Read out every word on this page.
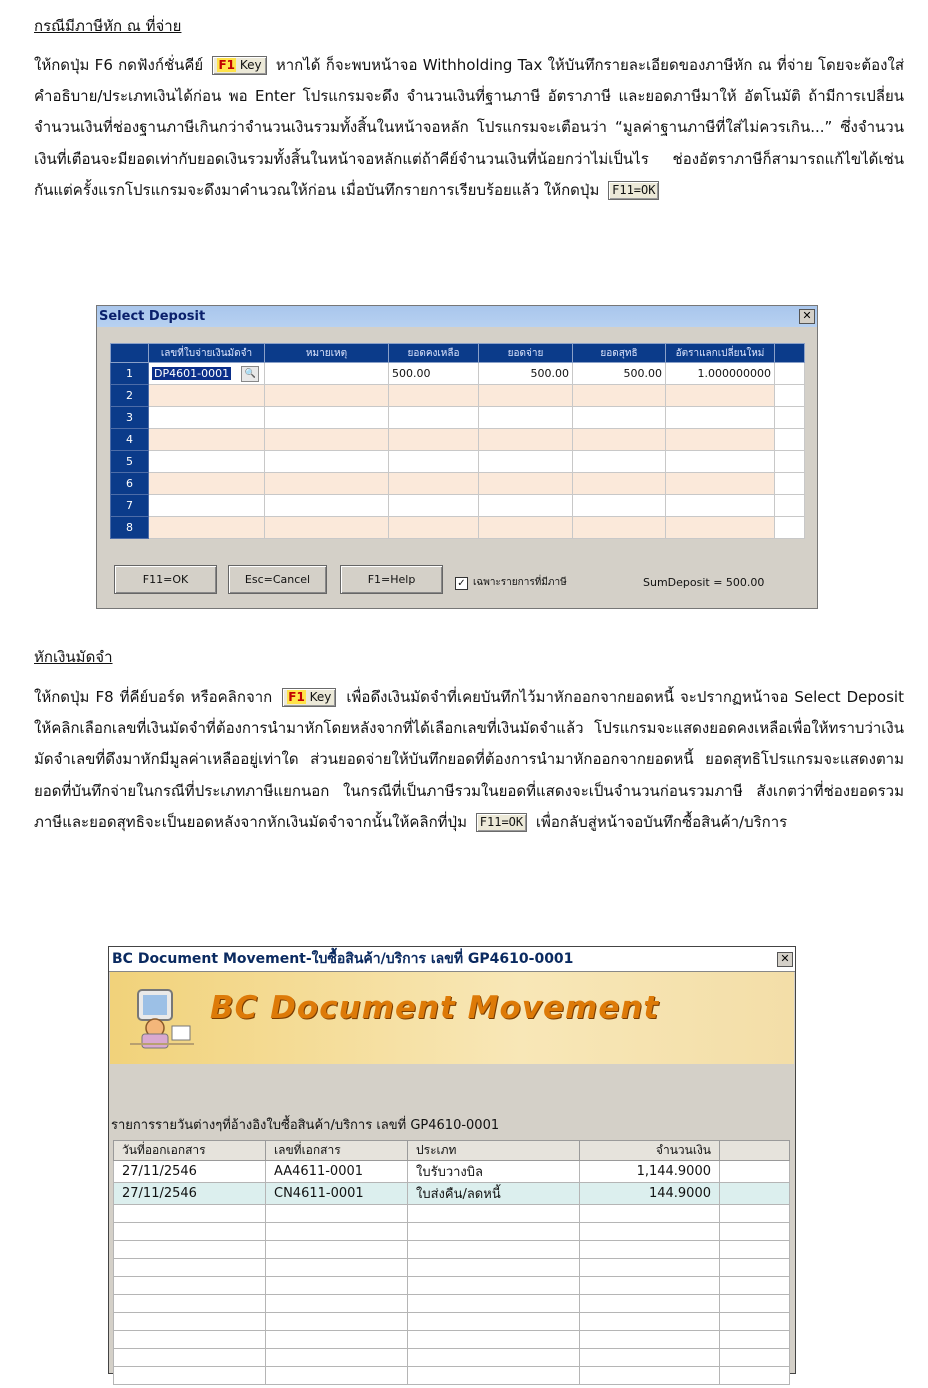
กรณีมีภาษีหัก ณ ที่จ่าย
ให้กดปุ่ม F6 กดฟังก์ชั่นคีย์ F1 Key หากได้ ก็จะพบหน้าจอ Withholding Tax ให้บันทึกรายละเอียดของภาษีหัก ณ ที่จ่าย โดยจะต้องใส่คำอธิบาย/ประเภทเงินได้ก่อน พอ Enter โปรแกรมจะดึง จำนวนเงินที่ฐานภาษี อัตราภาษี และยอดภาษีมาให้ อัตโนมัติ ถ้ามีการเปลี่ยนจำนวนเงินที่ช่องฐานภาษีเกินกว่าจำนวนเงินรวมทั้งสิ้นในหน้าจอหลัก โปรแกรมจะเตือนว่า “มูลค่าฐานภาษีที่ใส่ไม่ควรเกิน...” ซึ่งจำนวนเงินที่เตือนจะมียอดเท่ากับยอดเงินรวมทั้งสิ้นในหน้าจอหลักแต่ถ้าคีย์จำนวนเงินที่น้อยกว่าไม่เป็นไร ช่องอัตราภาษีก็สามารถแก้ไขได้เช่นกันแต่ครั้งแรกโปรแกรมจะดึงมาคำนวณให้ก่อน เมื่อบันทึกรายการเรียบร้อยแล้ว ให้กดปุ่ม F11=OK
Select Deposit	✕
	เลขที่ใบจ่ายเงินมัดจำ	หมายเหตุ	ยอดคงเหลือ	ยอดจ่าย	ยอดสุทธิ	อัตราแลกเปลี่ยนใหม่	
1	DP4601-0001 🔍		500.00	500.00	500.00	1.000000000	
2							
3							
4							
5							
6							
7							
8							
F11=OK	Esc=Cancel	F1=Help	✓ เฉพาะรายการที่มีภาษี	SumDeposit = 500.00
หักเงินมัดจำ
ให้กดปุ่ม F8 ที่คีย์บอร์ด หรือคลิกจาก F1 Key เพื่อดึงเงินมัดจำที่เคยบันทึกไว้มาหักออกจากยอดหนี้ จะปรากฏหน้าจอ Select Deposit ให้คลิกเลือกเลขที่เงินมัดจำที่ต้องการนำมาหักโดยหลังจากที่ได้เลือกเลขที่เงินมัดจำแล้ว โปรแกรมจะแสดงยอดคงเหลือเพื่อให้ทราบว่าเงินมัดจำเลขที่ดึงมาหักมีมูลค่าเหลืออยู่เท่าใด ส่วนยอดจ่ายให้บันทึกยอดที่ต้องการนำมาหักออกจากยอดหนี้ ยอดสุทธิโปรแกรมจะแสดงตามยอดที่บันทึกจ่ายในกรณีที่ประเภทภาษีแยกนอก ในกรณีที่เป็นภาษีรวมในยอดที่แสดงจะเป็นจำนวนก่อนรวมภาษี สังเกตว่าที่ช่องยอดรวมภาษีและยอดสุทธิจะเป็นยอดหลังจากหักเงินมัดจำจากนั้นให้คลิกที่ปุ่ม F11=OK เพื่อกลับสู่หน้าจอบันทึกซื้อสินค้า/บริการ
BC Document Movement-ใบซื้อสินค้า/บริการ เลขที่ GP4610-0001	✕
BC Document Movement
รายการรายวันต่างๆที่อ้างอิงใบซื้อสินค้า/บริการ เลขที่ GP4610-0001
วันที่ออกเอกสาร	เลขที่เอกสาร	ประเภท	จำนวนเงิน	
27/11/2546	AA4611-0001	ใบรับวางบิล	1,144.9000	
27/11/2546	CN4611-0001	ใบส่งคืน/ลดหนี้	144.9000	
